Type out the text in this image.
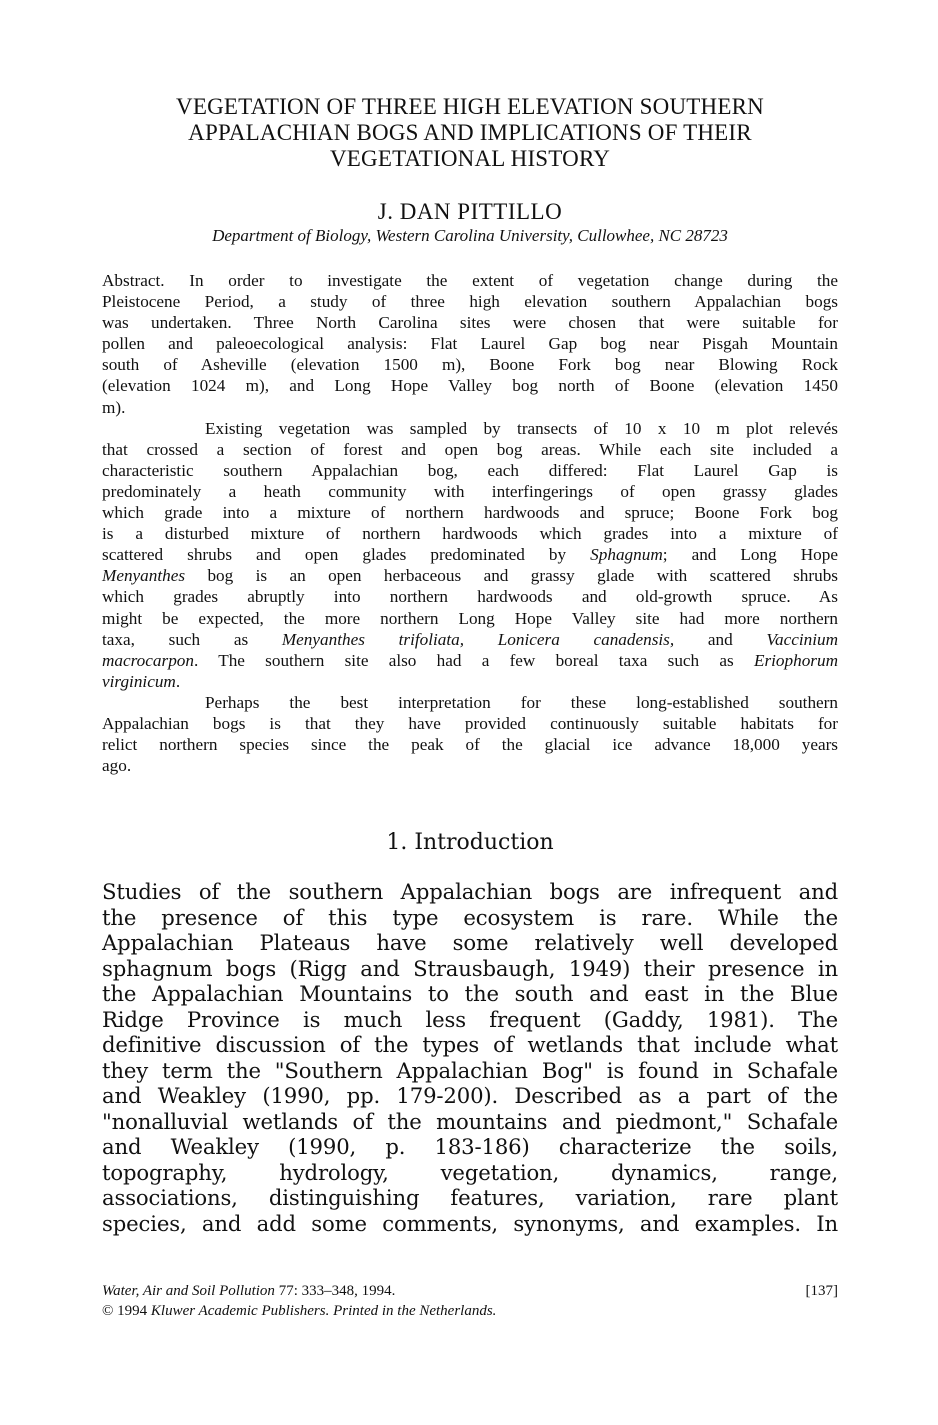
VEGETATION OF THREE HIGH ELEVATION SOUTHERN
APPALACHIAN BOGS AND IMPLICATIONS OF THEIR
VEGETATIONAL HISTORY
J. DAN PITTILLO
Department of Biology, Western Carolina University, Cullowhee, NC 28723
Abstract. In order to investigate the extent of vegetation change during the
Pleistocene Period, a study of three high elevation southern Appalachian bogs
was undertaken. Three North Carolina sites were chosen that were suitable for
pollen and paleoecological analysis: Flat Laurel Gap bog near Pisgah Mountain
south of Asheville (elevation 1500 m), Boone Fork bog near Blowing Rock
(elevation 1024 m), and Long Hope Valley bog north of Boone (elevation 1450
m).
Existing vegetation was sampled by transects of 10 x 10 m plot relevés
that crossed a section of forest and open bog areas. While each site included a
characteristic southern Appalachian bog, each differed: Flat Laurel Gap is
predominately a heath community with interfingerings of open grassy glades
which grade into a mixture of northern hardwoods and spruce; Boone Fork bog
is a disturbed mixture of northern hardwoods which grades into a mixture of
scattered shrubs and open glades predominated by Sphagnum; and Long Hope
Menyanthes bog is an open herbaceous and grassy glade with scattered shrubs
which grades abruptly into northern hardwoods and old-growth spruce. As
might be expected, the more northern Long Hope Valley site had more northern
taxa, such as Menyanthes trifoliata, Lonicera canadensis, and Vaccinium
macrocarpon. The southern site also had a few boreal taxa such as Eriophorum
virginicum.
Perhaps the best interpretation for these long-established southern
Appalachian bogs is that they have provided continuously suitable habitats for
relict northern species since the peak of the glacial ice advance 18,000 years
ago.
1. Introduction
Studies of the southern Appalachian bogs are infrequent and
the presence of this type ecosystem is rare. While the
Appalachian Plateaus have some relatively well developed
sphagnum bogs (Rigg and Strausbaugh, 1949) their presence in
the Appalachian Mountains to the south and east in the Blue
Ridge Province is much less frequent (Gaddy, 1981). The
definitive discussion of the types of wetlands that include what
they term the "Southern Appalachian Bog" is found in Schafale
and Weakley (1990, pp. 179-200). Described as a part of the
"nonalluvial wetlands of the mountains and piedmont," Schafale
and Weakley (1990, p. 183-186) characterize the soils,
topography, hydrology, vegetation, dynamics, range,
associations, distinguishing features, variation, rare plant
species, and add some comments, synonyms, and examples. In
Water, Air and Soil Pollution 77: 333–348, 1994.	[137]
© 1994 Kluwer Academic Publishers. Printed in the Netherlands.
